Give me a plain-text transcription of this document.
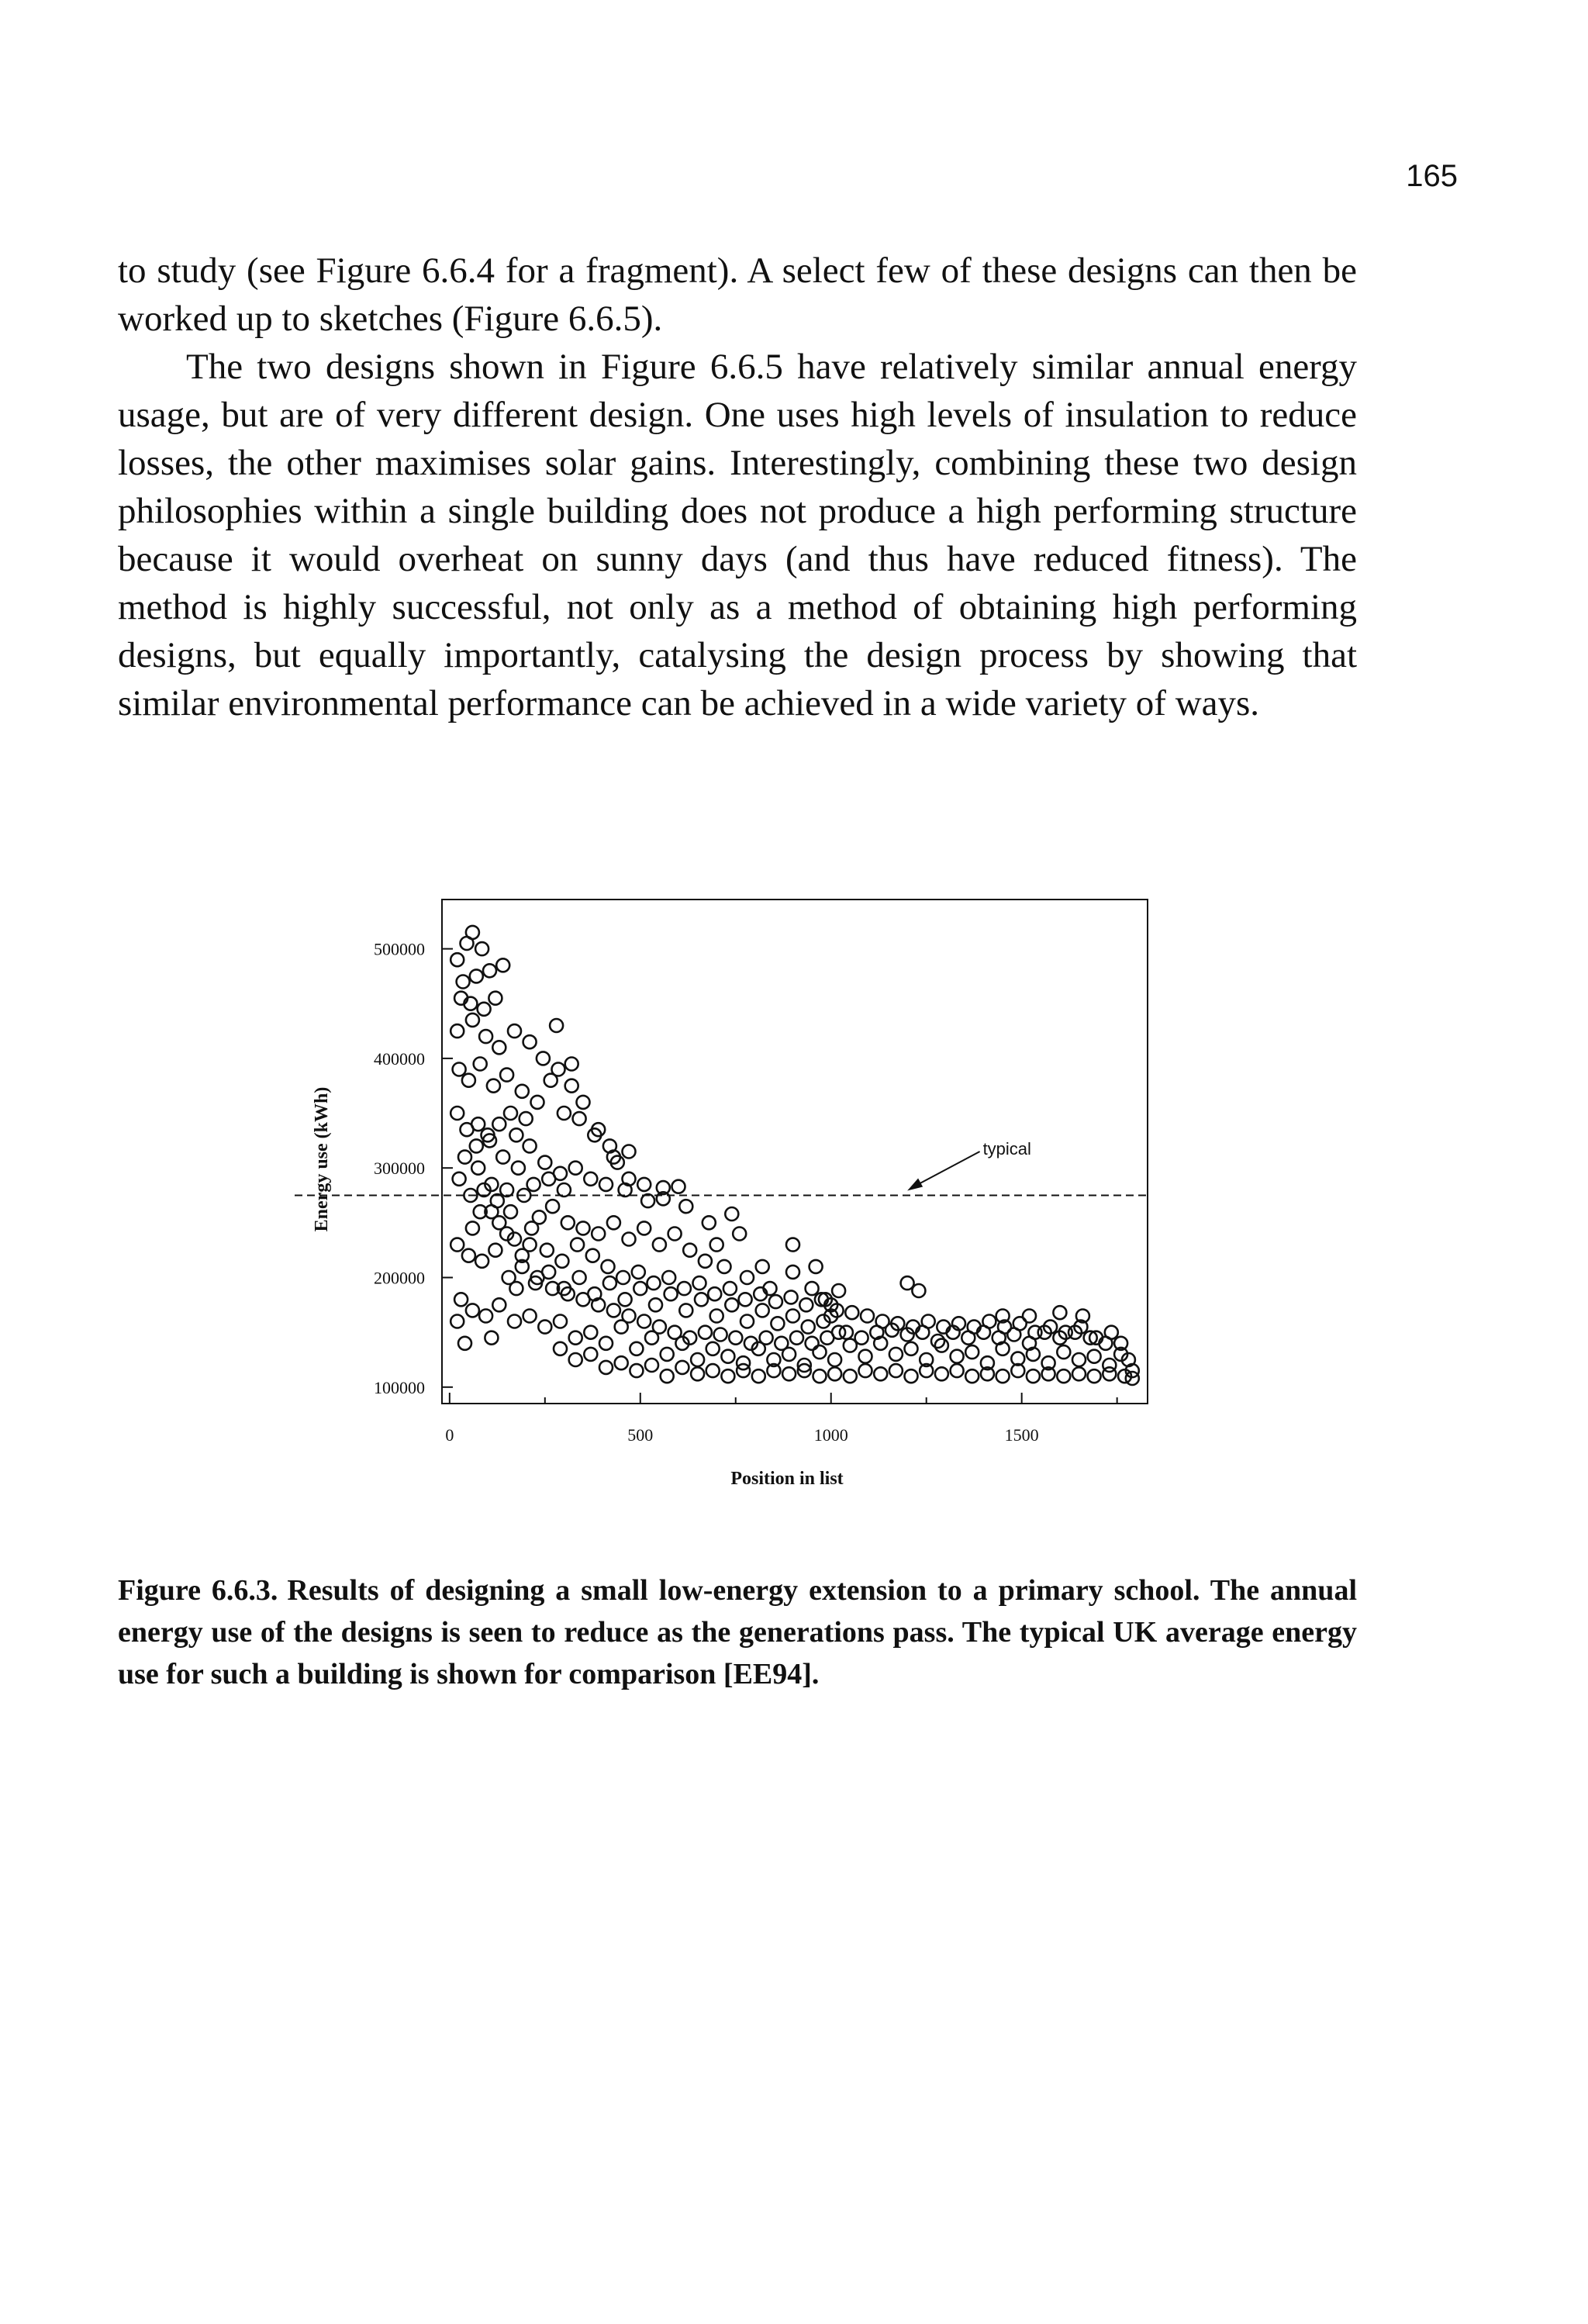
165

to study (see Figure 6.6.4 for a fragment). A select few of these designs can then be worked up to sketches (Figure 6.6.5).

The two designs shown in Figure 6.6.5 have relatively similar annual energy usage, but are of very different design. One uses high levels of insulation to reduce losses, the other maximises solar gains. Interestingly, combining these two design philosophies within a single building does not produce a high performing structure because it would overheat on sunny days (and thus have reduced fitness). The method is highly successful, not only as a method of obtaining high performing designs, but equally importantly, catalysing the design process by showing that similar environmental performance can be achieved in a wide variety of ways.

100000
200000
300000
400000
500000
0	500	1000	1500
Position in list
Energy use (kWh)	typical
Figure 6.6.3. Results of designing a small low-energy extension to a primary school. The annual energy use of the designs is seen to reduce as the generations pass. The typical UK average energy use for such a building is shown for comparison [EE94].
